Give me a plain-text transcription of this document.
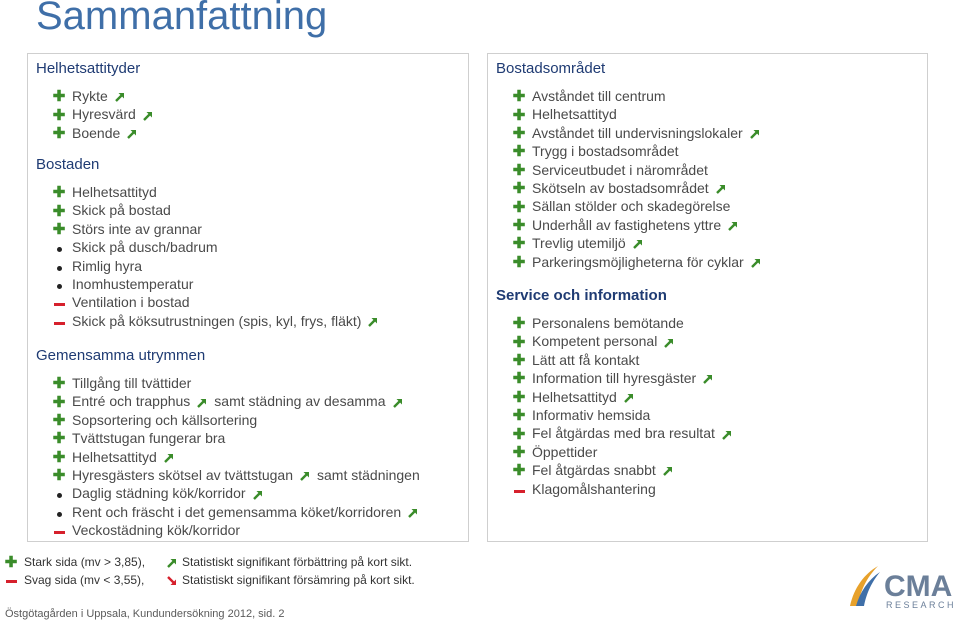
Sammanfattning
✚ Stark sida (mv > 3,85),
Svag sida (mv < 3,55),
Statistiskt signifikant förbättring på kort sikt.
Statistiskt signifikant försämring på kort sikt.
Östgötagården i Uppsala, Kundundersökning 2012, sid. 2
CMA
RESEARCH
Helhetsattityder
✚ Rykte
✚ Hyresvärd
✚ Boende
Bostaden
✚ Helhetsattityd
✚ Skick på bostad
✚ Störs inte av grannar
Skick på dusch/badrum
Rimlig hyra
Inomhustemperatur
Ventilation i bostad
Skick på köksutrustningen (spis, kyl, frys, fläkt)
Gemensamma utrymmen
✚ Tillgång till tvättider
✚ Entré och trapphus samt städning av desamma
✚ Sopsortering och källsortering
✚ Tvättstugan fungerar bra
✚ Helhetsattityd
✚ Hyresgästers skötsel av tvättstugan samt städningen
Daglig städning kök/korridor
Rent och fräscht i det gemensamma köket/korridoren
Veckostädning kök/korridor
Bostadsområdet
✚ Avståndet till centrum
✚ Helhetsattityd
✚ Avståndet till undervisningslokaler
✚ Trygg i bostadsområdet
✚ Serviceutbudet i närområdet
✚ Skötseln av bostadsområdet
✚ Sällan stölder och skadegörelse
✚ Underhåll av fastighetens yttre
✚ Trevlig utemiljö
✚ Parkeringsmöjligheterna för cyklar
Service och information
✚ Personalens bemötande
✚ Kompetent personal
✚ Lätt att få kontakt
✚ Information till hyresgäster
✚ Helhetsattityd
✚ Informativ hemsida
✚ Fel åtgärdas med bra resultat
✚ Öppettider
✚ Fel åtgärdas snabbt
Klagomålshantering
